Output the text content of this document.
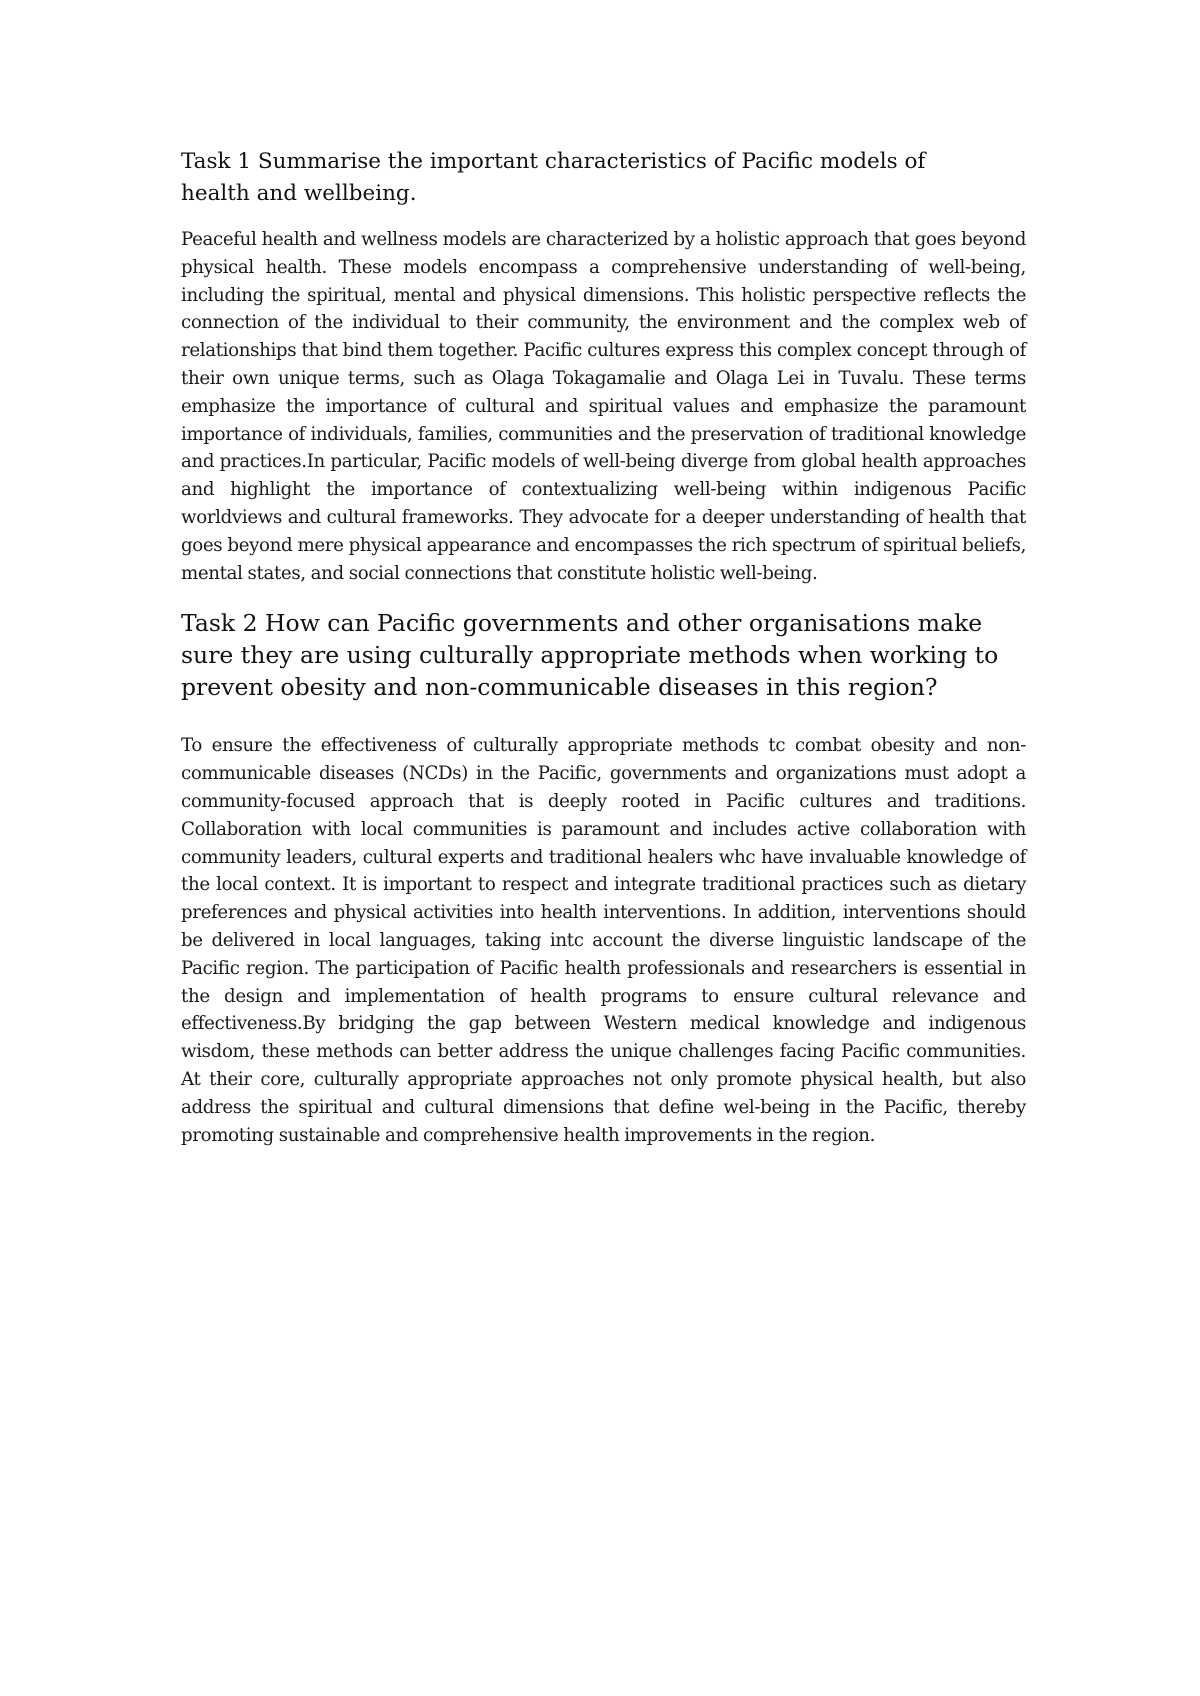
Task 1 Summarise the important characteristics of Pacific models of health and wellbeing.

Peaceful health and wellness models are characterized by a holistic approach that goes beyond physical health. These models encompass a comprehensive understanding of well-being, including the spiritual, mental and physical dimensions. This holistic perspective reflects the connection of the individual to their community, the environment and the complex web of relationships that bind them together. Pacific cultures express this complex concept through of their own unique terms, such as Olaga Tokagamalie and Olaga Lei in Tuvalu. These terms emphasize the importance of cultural and spiritual values and emphasize the paramount importance of individuals, families, communities and the preservation of traditional knowledge and practices.In particular, Pacific models of well-being diverge from global health approaches and highlight the importance of contextualizing well-being within indigenous Pacific worldviews and cultural frameworks. They advocate for a deeper understanding of health that goes beyond mere physical appearance and encompasses the rich spectrum of spiritual beliefs, mental states, and social connections that constitute holistic well-being.

Task 2 How can Pacific governments and other organisations make sure they are using culturally appropriate methods when working to prevent obesity and non-communicable diseases in this region?

To ensure the effectiveness of culturally appropriate methods tc combat obesity and non-communicable diseases (NCDs) in the Pacific, governments and organizations must adopt a community-focused approach that is deeply rooted in Pacific cultures and traditions. Collaboration with local communities is paramount and includes active collaboration with community leaders, cultural experts and traditional healers whc have invaluable knowledge of the local context. It is important to respect and integrate traditional practices such as dietary preferences and physical activities into health interventions. In addition, interventions should be delivered in local languages, taking intc account the diverse linguistic landscape of the Pacific region. The participation of Pacific health professionals and researchers is essential in the design and implementation of health programs to ensure cultural relevance and effectiveness.By bridging the gap between Western medical knowledge and indigenous wisdom, these methods can better address the unique challenges facing Pacific communities. At their core, culturally appropriate approaches not only promote physical health, but also address the spiritual and cultural dimensions that define wel-being in the Pacific, thereby promoting sustainable and comprehensive health improvements in the region.
